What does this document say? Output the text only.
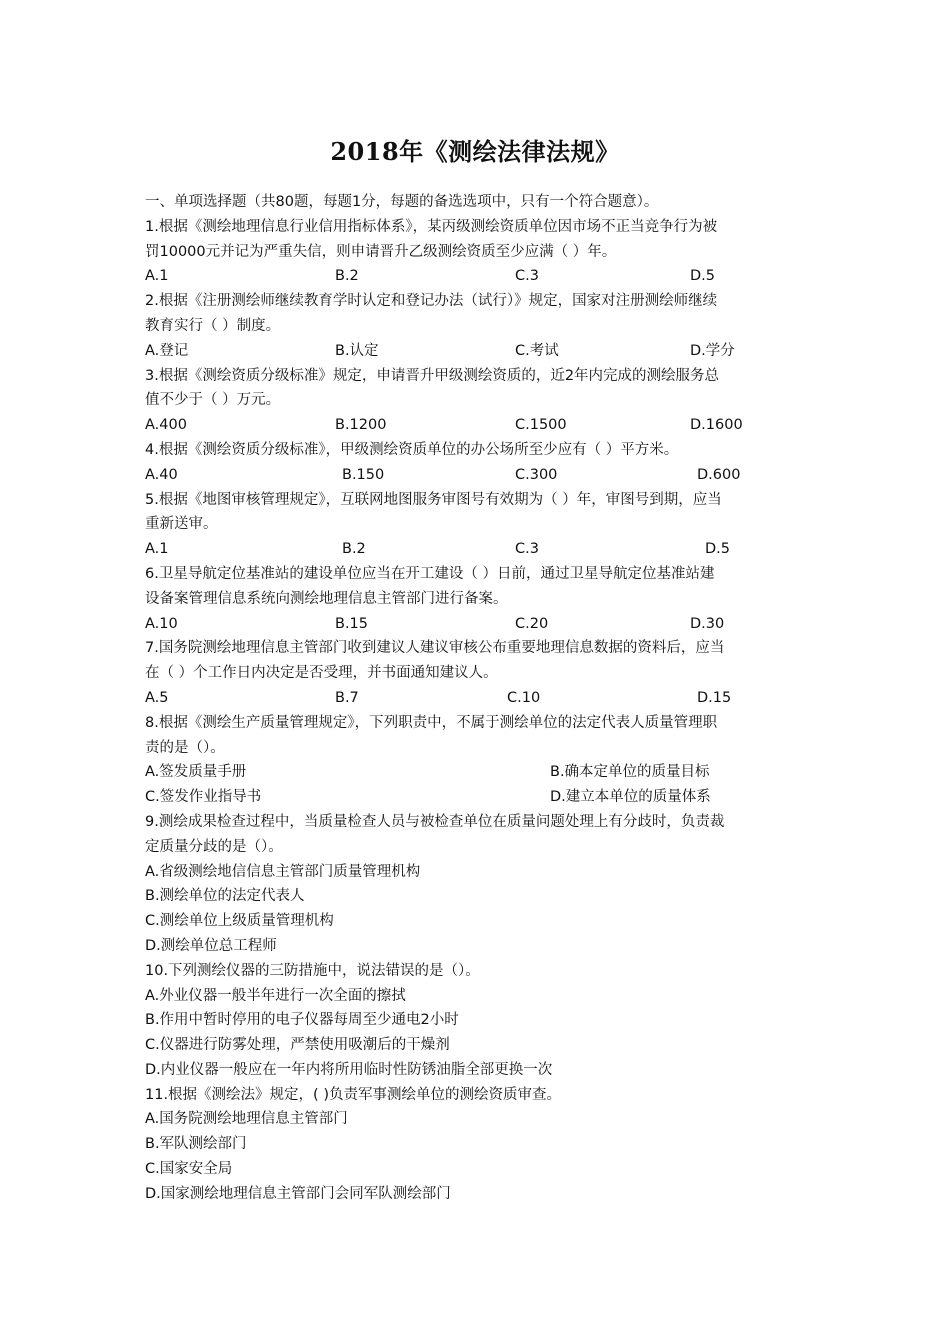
2018年《测绘法律法规》
一、单项选择题（共80题，每题1分，每题的备选选项中，只有一个符合题意）。
1.根据《测绘地理信息行业信用指标体系》，某丙级测绘资质单位因市场不正当竞争行为被
罚10000元并记为严重失信，则申请晋升乙级测绘资质至少应满（ ）年。
A.1	B.2	C.3	D.5
2.根据《注册测绘师继续教育学时认定和登记办法（试行）》规定，国家对注册测绘师继续
教育实行（ ）制度。
A.登记	B.认定	C.考试	D.学分
3.根据《测绘资质分级标准》规定，申请晋升甲级测绘资质的，近2年内完成的测绘服务总
值不少于（ ）万元。
A.400	B.1200	C.1500	D.1600
4.根据《测绘资质分级标准》，甲级测绘资质单位的办公场所至少应有（ ）平方米。
A.40	B.150	C.300	D.600
5.根据《地图审核管理规定》，互联网地图服务审图号有效期为（ ）年，审图号到期，应当
重新送审。
A.1	B.2	C.3	D.5
6.卫星导航定位基准站的建设单位应当在开工建设（ ）日前，通过卫星导航定位基准站建
设备案管理信息系统向测绘地理信息主管部门进行备案。
A.10	B.15	C.20	D.30
7.国务院测绘地理信息主管部门收到建议人建议审核公布重要地理信息数据的资料后，应当
在（ ）个工作日内决定是否受理，并书面通知建议人。
A.5	B.7	C.10	D.15
8.根据《测绘生产质量管理规定》，下列职责中，不属于测绘单位的法定代表人质量管理职
责的是（）。
A.签发质量手册	B.确本定单位的质量目标
C.签发作业指导书	D.建立本单位的质量体系
9.测绘成果检查过程中，当质量检查人员与被检查单位在质量问题处理上有分歧时，负责裁
定质量分歧的是（）。
A.省级测绘地信信息主管部门质量管理机构
B.测绘单位的法定代表人
C.测绘单位上级质量管理机构
D.测绘单位总工程师
10.下列测绘仪器的三防措施中，说法错误的是（）。
A.外业仪器一般半年进行一次全面的擦拭
B.作用中暂时停用的电子仪器每周至少通电2小时
C.仪器进行防雾处理，严禁使用吸潮后的干燥剂
D.内业仪器一般应在一年内将所用临时性防锈油脂全部更换一次
11.根据《测绘法》规定，( )负责军事测绘单位的测绘资质审查。
A.国务院测绘地理信息主管部门
B.军队测绘部门
C.国家安全局
D.国家测绘地理信息主管部门会同军队测绘部门
